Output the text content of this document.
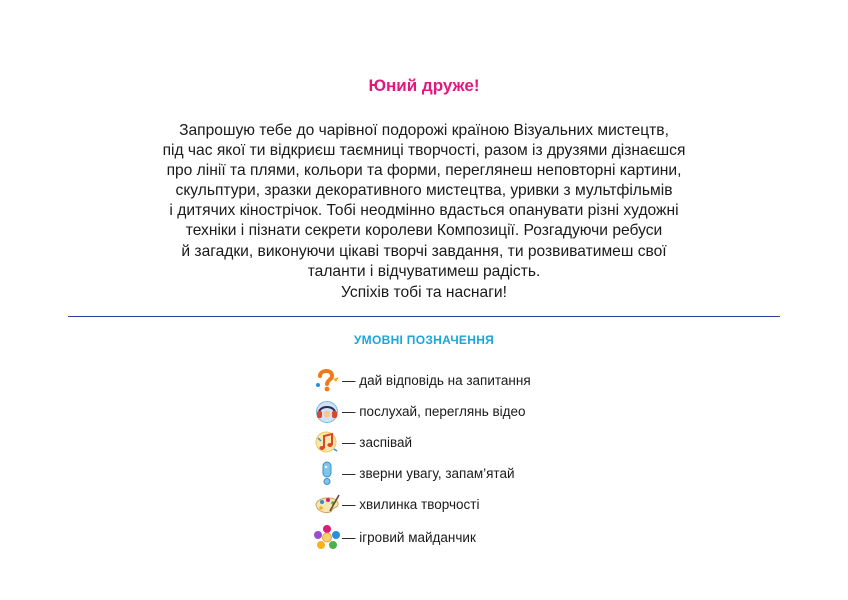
Юний друже!
Запрошую тебе до чарівної подорожі країною Візуальних мистецтв,
під час якої ти відкриєш таємниці творчості, разом із друзями дізнаєшся
про лінії та плями, кольори та форми, переглянеш неповторні картини,
скульптури, зразки декоративного мистецтва, уривки з мультфільмів
і дитячих кінострічок. Тобі неодмінно вдасться опанувати різні художні
техніки і пізнати секрети королеви Композиції. Розгадуючи ребуси
й загадки, виконуючи цікаві творчі завдання, ти розвиватимеш свої
таланти і відчуватимеш радість.
Успіхів тобі та наснаги!
УМОВНІ ПОЗНАЧЕННЯ
— дай відповідь на запитання
— послухай, переглянь відео
— заспівай
— зверни увагу, запам’ятай
— хвилинка творчості
— ігровий майданчик
